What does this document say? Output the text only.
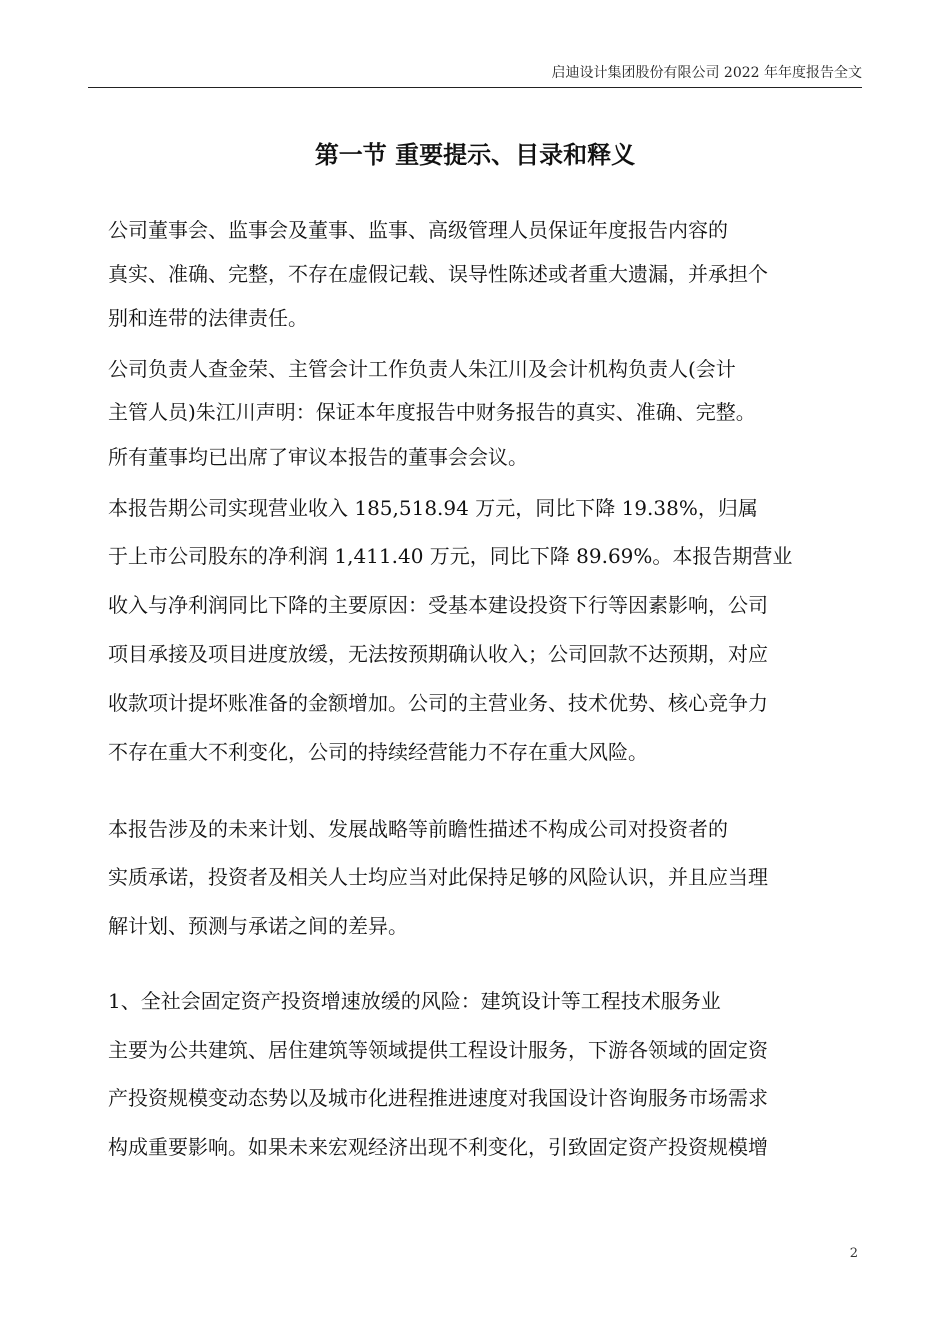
启迪设计集团股份有限公司 2022 年年度报告全文
第一节 重要提示、目录和释义
公司董事会、监事会及董事、监事、高级管理人员保证年度报告内容的
真实、准确、完整，不存在虚假记载、误导性陈述或者重大遗漏，并承担个
别和连带的法律责任。
公司负责人查金荣、主管会计工作负责人朱江川及会计机构负责人(会计
主管人员)朱江川声明：保证本年度报告中财务报告的真实、准确、完整。
所有董事均已出席了审议本报告的董事会会议。
本报告期公司实现营业收入 185,518.94 万元，同比下降 19.38%，归属
于上市公司股东的净利润 1,411.40 万元，同比下降 89.69%。本报告期营业
收入与净利润同比下降的主要原因：受基本建设投资下行等因素影响，公司
项目承接及项目进度放缓，无法按预期确认收入；公司回款不达预期，对应
收款项计提坏账准备的金额增加。公司的主营业务、技术优势、核心竞争力
不存在重大不利变化，公司的持续经营能力不存在重大风险。
本报告涉及的未来计划、发展战略等前瞻性描述不构成公司对投资者的
实质承诺，投资者及相关人士均应当对此保持足够的风险认识，并且应当理
解计划、预测与承诺之间的差异。
1、全社会固定资产投资增速放缓的风险：建筑设计等工程技术服务业
主要为公共建筑、居住建筑等领域提供工程设计服务，下游各领域的固定资
产投资规模变动态势以及城市化进程推进速度对我国设计咨询服务市场需求
构成重要影响。如果未来宏观经济出现不利变化，引致固定资产投资规模增
2
